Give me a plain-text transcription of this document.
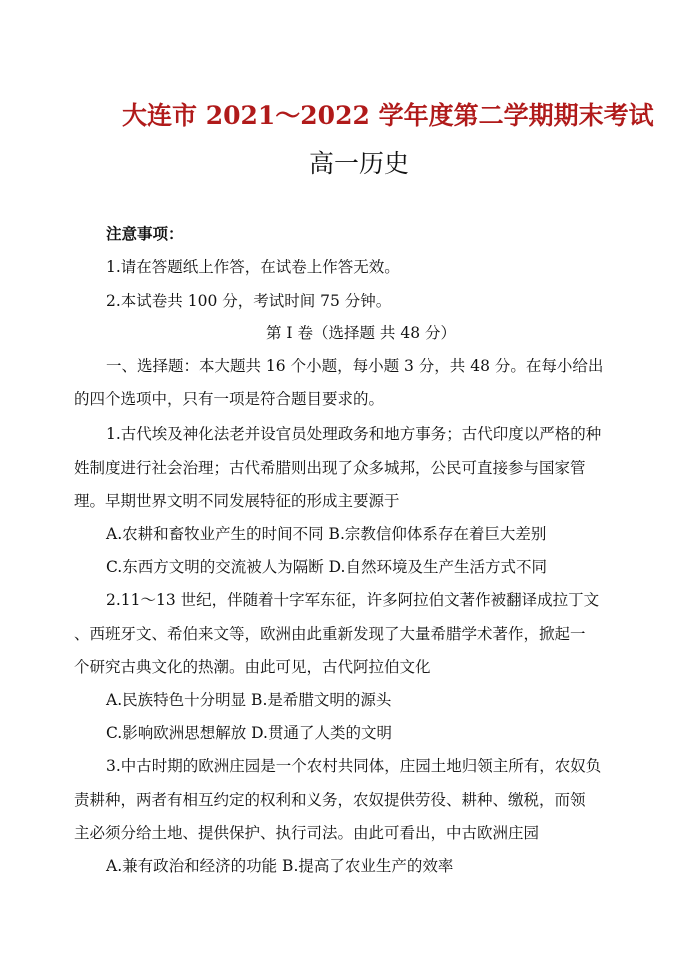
大连市 2021～2022 学年度第二学期期末考试
高一历史
注意事项：
1.请在答题纸上作答，在试卷上作答无效。
2.本试卷共 100 分，考试时间 75 分钟。
第 I 卷（选择题 共 48 分）
一、选择题：本大题共 16 个小题，每小题 3 分，共 48 分。在每小给出
的四个选项中，只有一项是符合题目要求的。
1.古代埃及神化法老并设官员处理政务和地方事务；古代印度以严格的种
姓制度进行社会治理；古代希腊则出现了众多城邦，公民可直接参与国家管
理。早期世界文明不同发展特征的形成主要源于
A.农耕和畜牧业产生的时间不同 B.宗教信仰体系存在着巨大差别
C.东西方文明的交流被人为隔断 D.自然环境及生产生活方式不同
2.11～13 世纪，伴随着十字军东征，许多阿拉伯文著作被翻译成拉丁文
、西班牙文、希伯来文等，欧洲由此重新发现了大量希腊学术著作，掀起一
个研究古典文化的热潮。由此可见，古代阿拉伯文化
A.民族特色十分明显 B.是希腊文明的源头
C.影响欧洲思想解放 D.贯通了人类的文明
3.中古时期的欧洲庄园是一个农村共同体，庄园土地归领主所有，农奴负
责耕种，两者有相互约定的权利和义务，农奴提供劳役、耕种、缴税，而领
主必须分给土地、提供保护、执行司法。由此可看出，中古欧洲庄园
A.兼有政治和经济的功能 B.提高了农业生产的效率
